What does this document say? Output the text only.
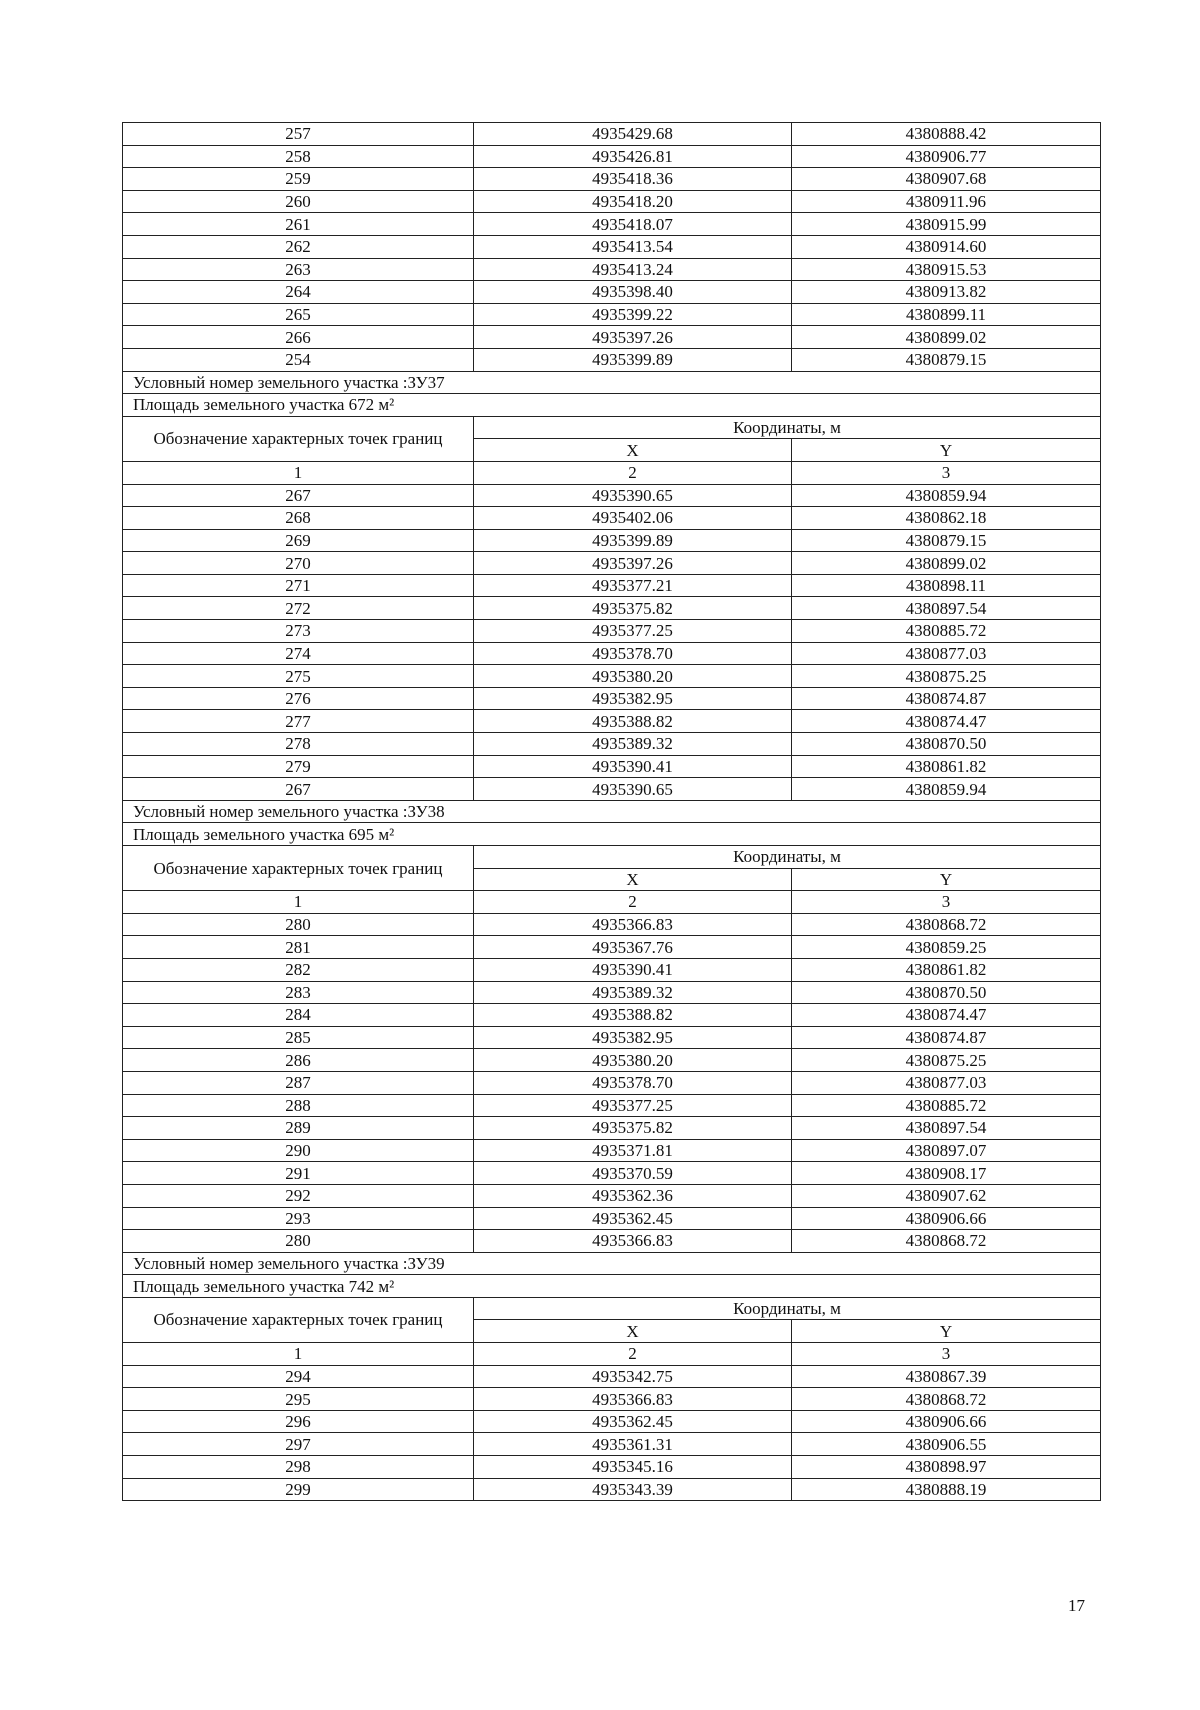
257	4935429.68	4380888.42
258	4935426.81	4380906.77
259	4935418.36	4380907.68
260	4935418.20	4380911.96
261	4935418.07	4380915.99
262	4935413.54	4380914.60
263	4935413.24	4380915.53
264	4935398.40	4380913.82
265	4935399.22	4380899.11
266	4935397.26	4380899.02
254	4935399.89	4380879.15
Условный номер земельного участка :ЗУ37		
Площадь земельного участка 672 м²		
Обозначение характерных точек границ	Координаты, м	
	X	Y
1	2	3
267	4935390.65	4380859.94
268	4935402.06	4380862.18
269	4935399.89	4380879.15
270	4935397.26	4380899.02
271	4935377.21	4380898.11
272	4935375.82	4380897.54
273	4935377.25	4380885.72
274	4935378.70	4380877.03
275	4935380.20	4380875.25
276	4935382.95	4380874.87
277	4935388.82	4380874.47
278	4935389.32	4380870.50
279	4935390.41	4380861.82
267	4935390.65	4380859.94
Условный номер земельного участка :ЗУ38		
Площадь земельного участка 695 м²		
Обозначение характерных точек границ	Координаты, м	
	X	Y
1	2	3
280	4935366.83	4380868.72
281	4935367.76	4380859.25
282	4935390.41	4380861.82
283	4935389.32	4380870.50
284	4935388.82	4380874.47
285	4935382.95	4380874.87
286	4935380.20	4380875.25
287	4935378.70	4380877.03
288	4935377.25	4380885.72
289	4935375.82	4380897.54
290	4935371.81	4380897.07
291	4935370.59	4380908.17
292	4935362.36	4380907.62
293	4935362.45	4380906.66
280	4935366.83	4380868.72
Условный номер земельного участка :ЗУ39		
Площадь земельного участка 742 м²		
Обозначение характерных точек границ	Координаты, м	
	X	Y
1	2	3
294	4935342.75	4380867.39
295	4935366.83	4380868.72
296	4935362.45	4380906.66
297	4935361.31	4380906.55
298	4935345.16	4380898.97
299	4935343.39	4380888.19
17
